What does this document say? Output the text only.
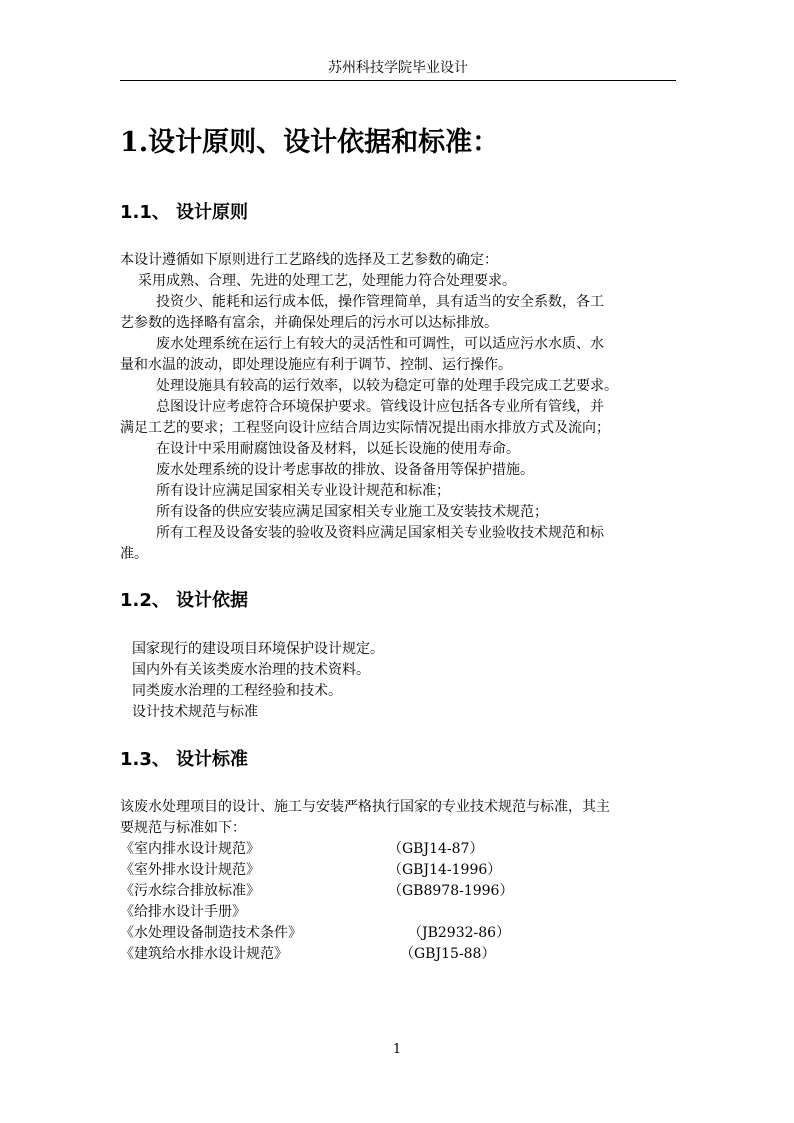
苏州科技学院毕业设计
1.设计原则、设计依据和标准：
1.1、 设计原则
本设计遵循如下原则进行工艺路线的选择及工艺参数的确定：
采用成熟、合理、先进的处理工艺，处理能力符合处理要求。
投资少、能耗和运行成本低，操作管理简单，具有适当的安全系数，各工
艺参数的选择略有富余，并确保处理后的污水可以达标排放。
废水处理系统在运行上有较大的灵活性和可调性，可以适应污水水质、水
量和水温的波动，即处理设施应有利于调节、控制、运行操作。
处理设施具有较高的运行效率，以较为稳定可靠的处理手段完成工艺要求。
总图设计应考虑符合环境保护要求。管线设计应包括各专业所有管线，并
满足工艺的要求；工程竖向设计应结合周边实际情况提出雨水排放方式及流向；
在设计中采用耐腐蚀设备及材料，以延长设施的使用寿命。
废水处理系统的设计考虑事故的排放、设备备用等保护措施。
所有设计应满足国家相关专业设计规范和标准；
所有设备的供应安装应满足国家相关专业施工及安装技术规范；
所有工程及设备安装的验收及资料应满足国家相关专业验收技术规范和标
准。
1.2、 设计依据
国家现行的建设项目环境保护设计规定。
国内外有关该类废水治理的技术资料。
同类废水治理的工程经验和技术。
设计技术规范与标准
1.3、 设计标准
该废水处理项目的设计、施工与安装严格执行国家的专业技术规范与标准，其主
要规范与标准如下：
《室内排水设计规范》	（GBJ14-87）
《室外排水设计规范》	（GBJ14-1996）
《污水综合排放标准》	（GB8978-1996）
《给排水设计手册》
《水处理设备制造技术条件》	（JB2932-86）
《建筑给水排水设计规范》	（GBJ15-88）
1
